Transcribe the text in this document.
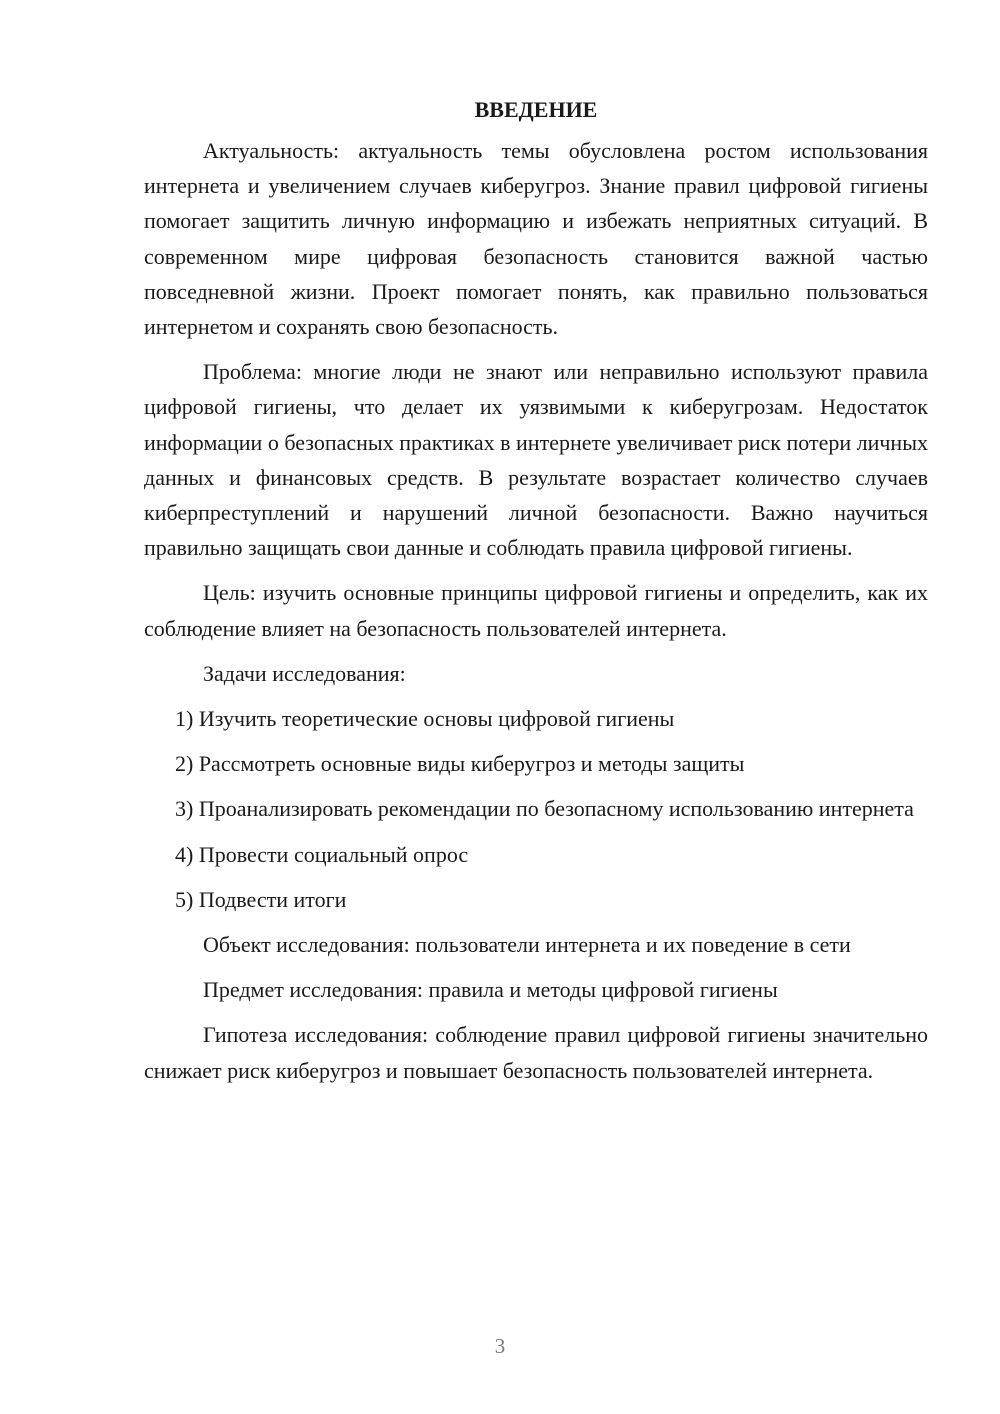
ВВЕДЕНИЕ

Актуальность: актуальность темы обусловлена ростом использования интернета и увеличением случаев киберугроз. Знание правил цифровой гигиены помогает защитить личную информацию и избежать неприятных ситуаций. В современном мире цифровая безопасность становится важной частью повседневной жизни. Проект помогает понять, как правильно пользоваться интернетом и сохранять свою безопасность.

Проблема: многие люди не знают или неправильно используют правила цифровой гигиены, что делает их уязвимыми к киберугрозам. Недостаток информации о безопасных практиках в интернете увеличивает риск потери личных данных и финансовых средств. В результате возрастает количество случаев киберпреступлений и нарушений личной безопасности. Важно научиться правильно защищать свои данные и соблюдать правила цифровой гигиены.

Цель: изучить основные принципы цифровой гигиены и определить, как их соблюдение влияет на безопасность пользователей интернета.

Задачи исследования:

1) Изучить теоретические основы цифровой гигиены

2) Рассмотреть основные виды киберугроз и методы защиты

3) Проанализировать рекомендации по безопасному использованию интернета

4) Провести социальный опрос

5) Подвести итоги

Объект исследования: пользователи интернета и их поведение в сети

Предмет исследования: правила и методы цифровой гигиены

Гипотеза исследования: соблюдение правил цифровой гигиены значительно снижает риск киберугроз и повышает безопасность пользователей интернета.

3
